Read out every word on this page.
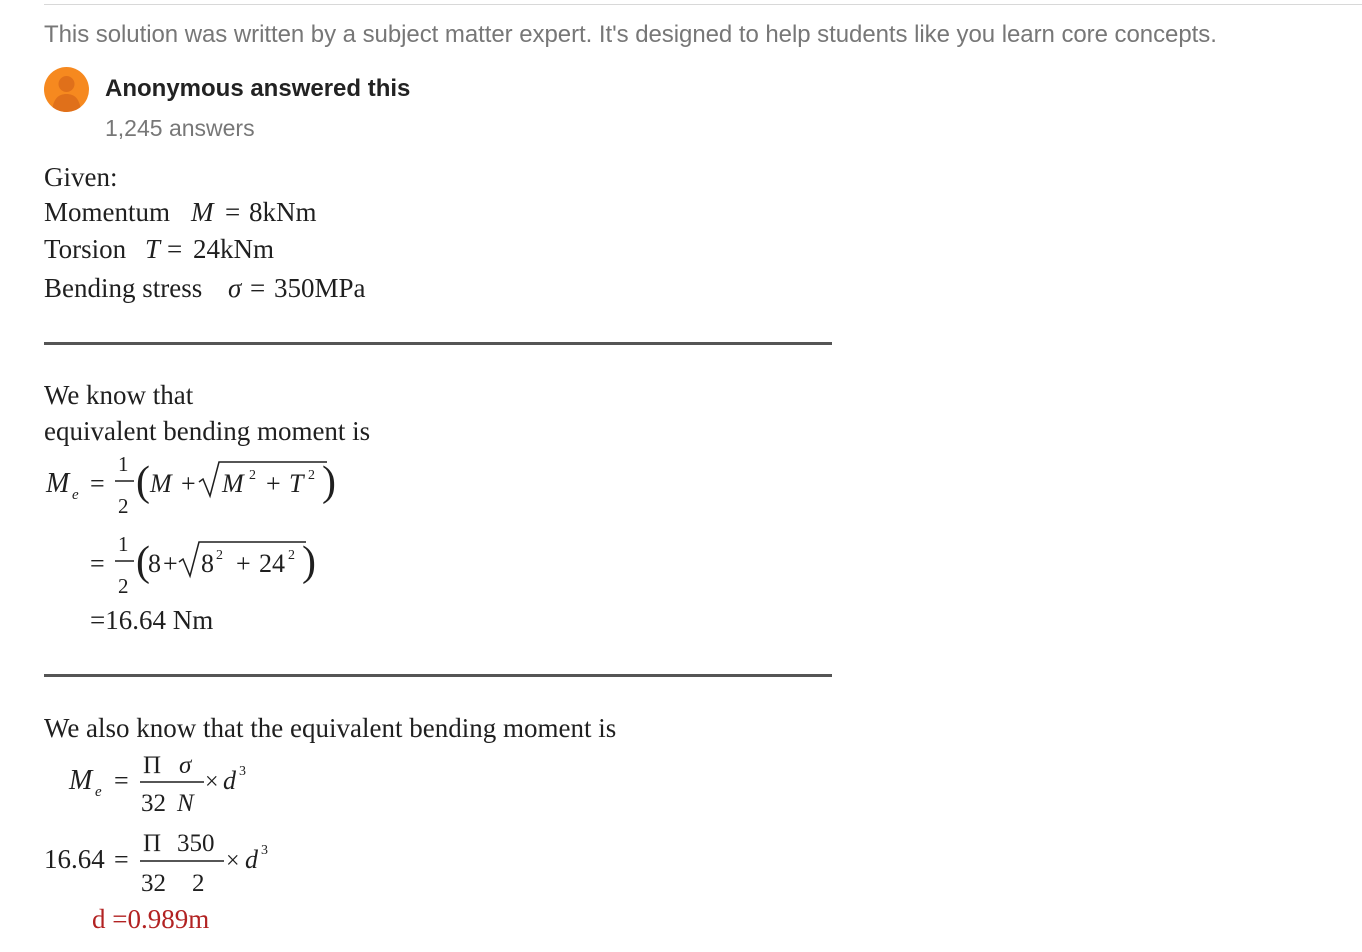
This solution was written by a subject matter expert. It's designed to help students like you learn core concepts.
Anonymous answered this
1,245 answers
Given:
Momentum M = 8kNm
Torsion T = 24kNm
Bending stress σ = 350MPa
We know that
equivalent bending moment is
M e =
1
2
( M + M 2 + T 2 )
=
1
2
(
8 + 8 2 + 24 2 )
=16.64 Nm
We also know that the equivalent bending moment is
M e =
Π σ
32 N
× d 3
16.64 =
Π 350
32 2
× d 3
d =0.989m
